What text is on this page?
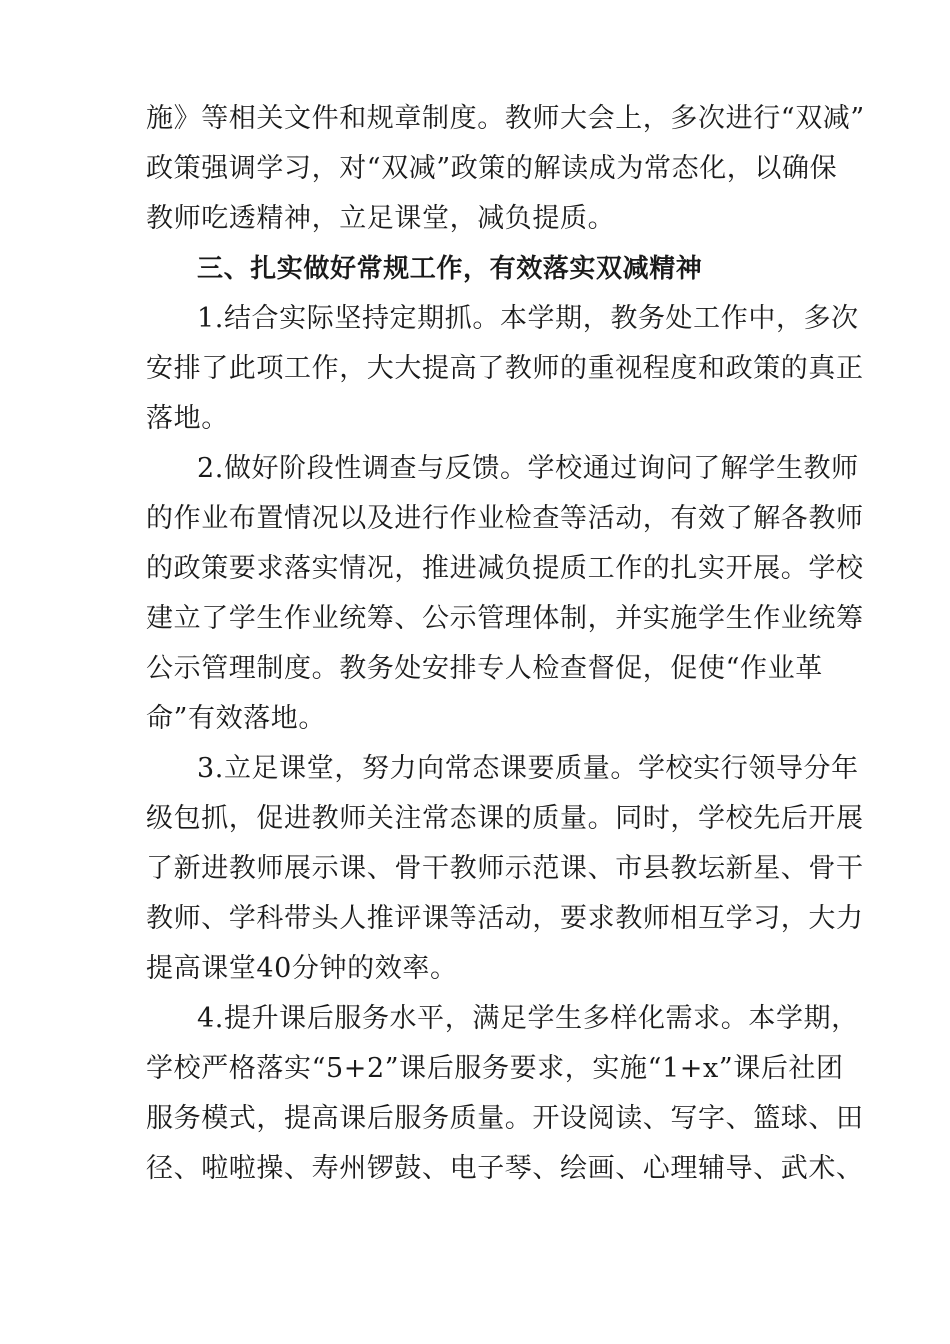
施》等相关文件和规章制度。教师大会上，多次进行“双减”
政策强调学习，对“双减”政策的解读成为常态化，以确保
教师吃透精神，立足课堂，减负提质。
三、扎实做好常规工作，有效落实双减精神
1.结合实际坚持定期抓。本学期，教务处工作中，多次
安排了此项工作，大大提高了教师的重视程度和政策的真正
落地。
2.做好阶段性调查与反馈。学校通过询问了解学生教师
的作业布置情况以及进行作业检查等活动，有效了解各教师
的政策要求落实情况，推进减负提质工作的扎实开展。学校
建立了学生作业统筹、公示管理体制，并实施学生作业统筹
公示管理制度。教务处安排专人检查督促，促使“作业革
命”有效落地。
3.立足课堂，努力向常态课要质量。学校实行领导分年
级包抓，促进教师关注常态课的质量。同时，学校先后开展
了新进教师展示课、骨干教师示范课、市县教坛新星、骨干
教师、学科带头人推评课等活动，要求教师相互学习，大力
提高课堂40分钟的效率。
4.提升课后服务水平，满足学生多样化需求。本学期，
学校严格落实“5+2”课后服务要求，实施“1+x”课后社团
服务模式，提高课后服务质量。开设阅读、写字、篮球、田
径、啦啦操、寿州锣鼓、电子琴、绘画、心理辅导、武术、
